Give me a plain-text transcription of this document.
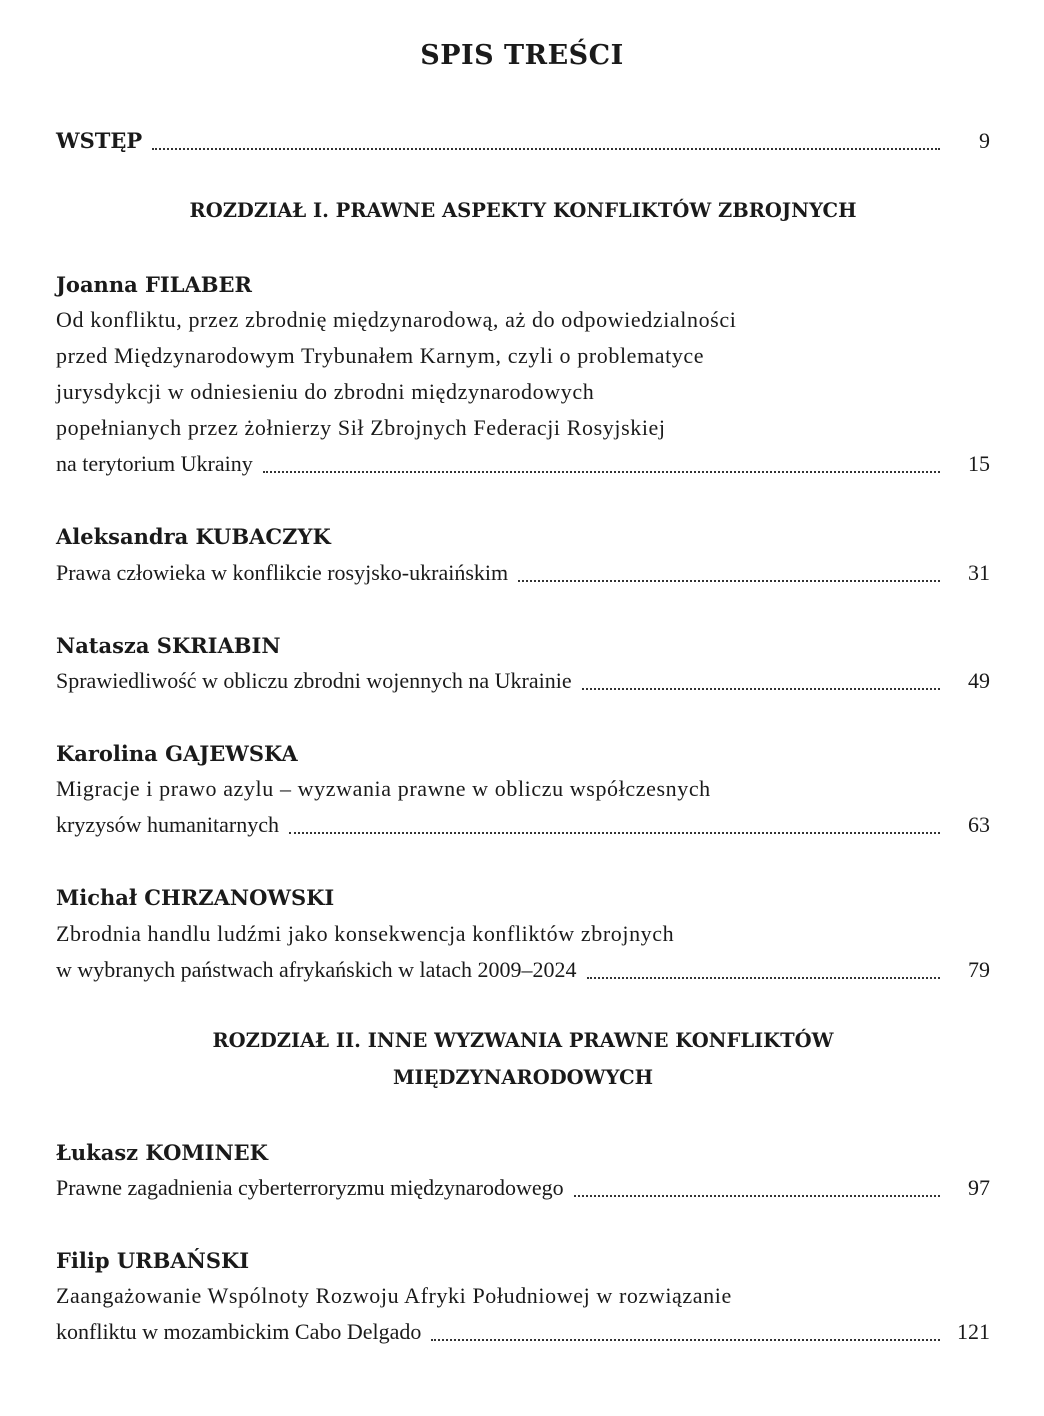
SPIS TREŚCI
WSTĘP	9
ROZDZIAŁ I. PRAWNE ASPEKTY KONFLIKTÓW ZBROJNYCH
Joanna FILABER
Od konfliktu, przez zbrodnię międzynarodową, aż do odpowiedzialności
przed Międzynarodowym Trybunałem Karnym, czyli o problematyce
jurysdykcji w odniesieniu do zbrodni międzynarodowych
popełnianych przez żołnierzy Sił Zbrojnych Federacji Rosyjskiej
na terytorium Ukrainy	15
Aleksandra KUBACZYK
Prawa człowieka w konflikcie rosyjsko-ukraińskim	31
Natasza SKRIABIN
Sprawiedliwość w obliczu zbrodni wojennych na Ukrainie	49
Karolina GAJEWSKA
Migracje i prawo azylu – wyzwania prawne w obliczu współczesnych
kryzysów humanitarnych	63
Michał CHRZANOWSKI
Zbrodnia handlu ludźmi jako konsekwencja konfliktów zbrojnych
w wybranych państwach afrykańskich w latach 2009–2024	79
ROZDZIAŁ II. INNE WYZWANIA PRAWNE KONFLIKTÓW
MIĘDZYNARODOWYCH
Łukasz KOMINEK
Prawne zagadnienia cyberterroryzmu międzynarodowego	97
Filip URBAŃSKI
Zaangażowanie Wspólnoty Rozwoju Afryki Południowej w rozwiązanie
konfliktu w mozambickim Cabo Delgado	121
